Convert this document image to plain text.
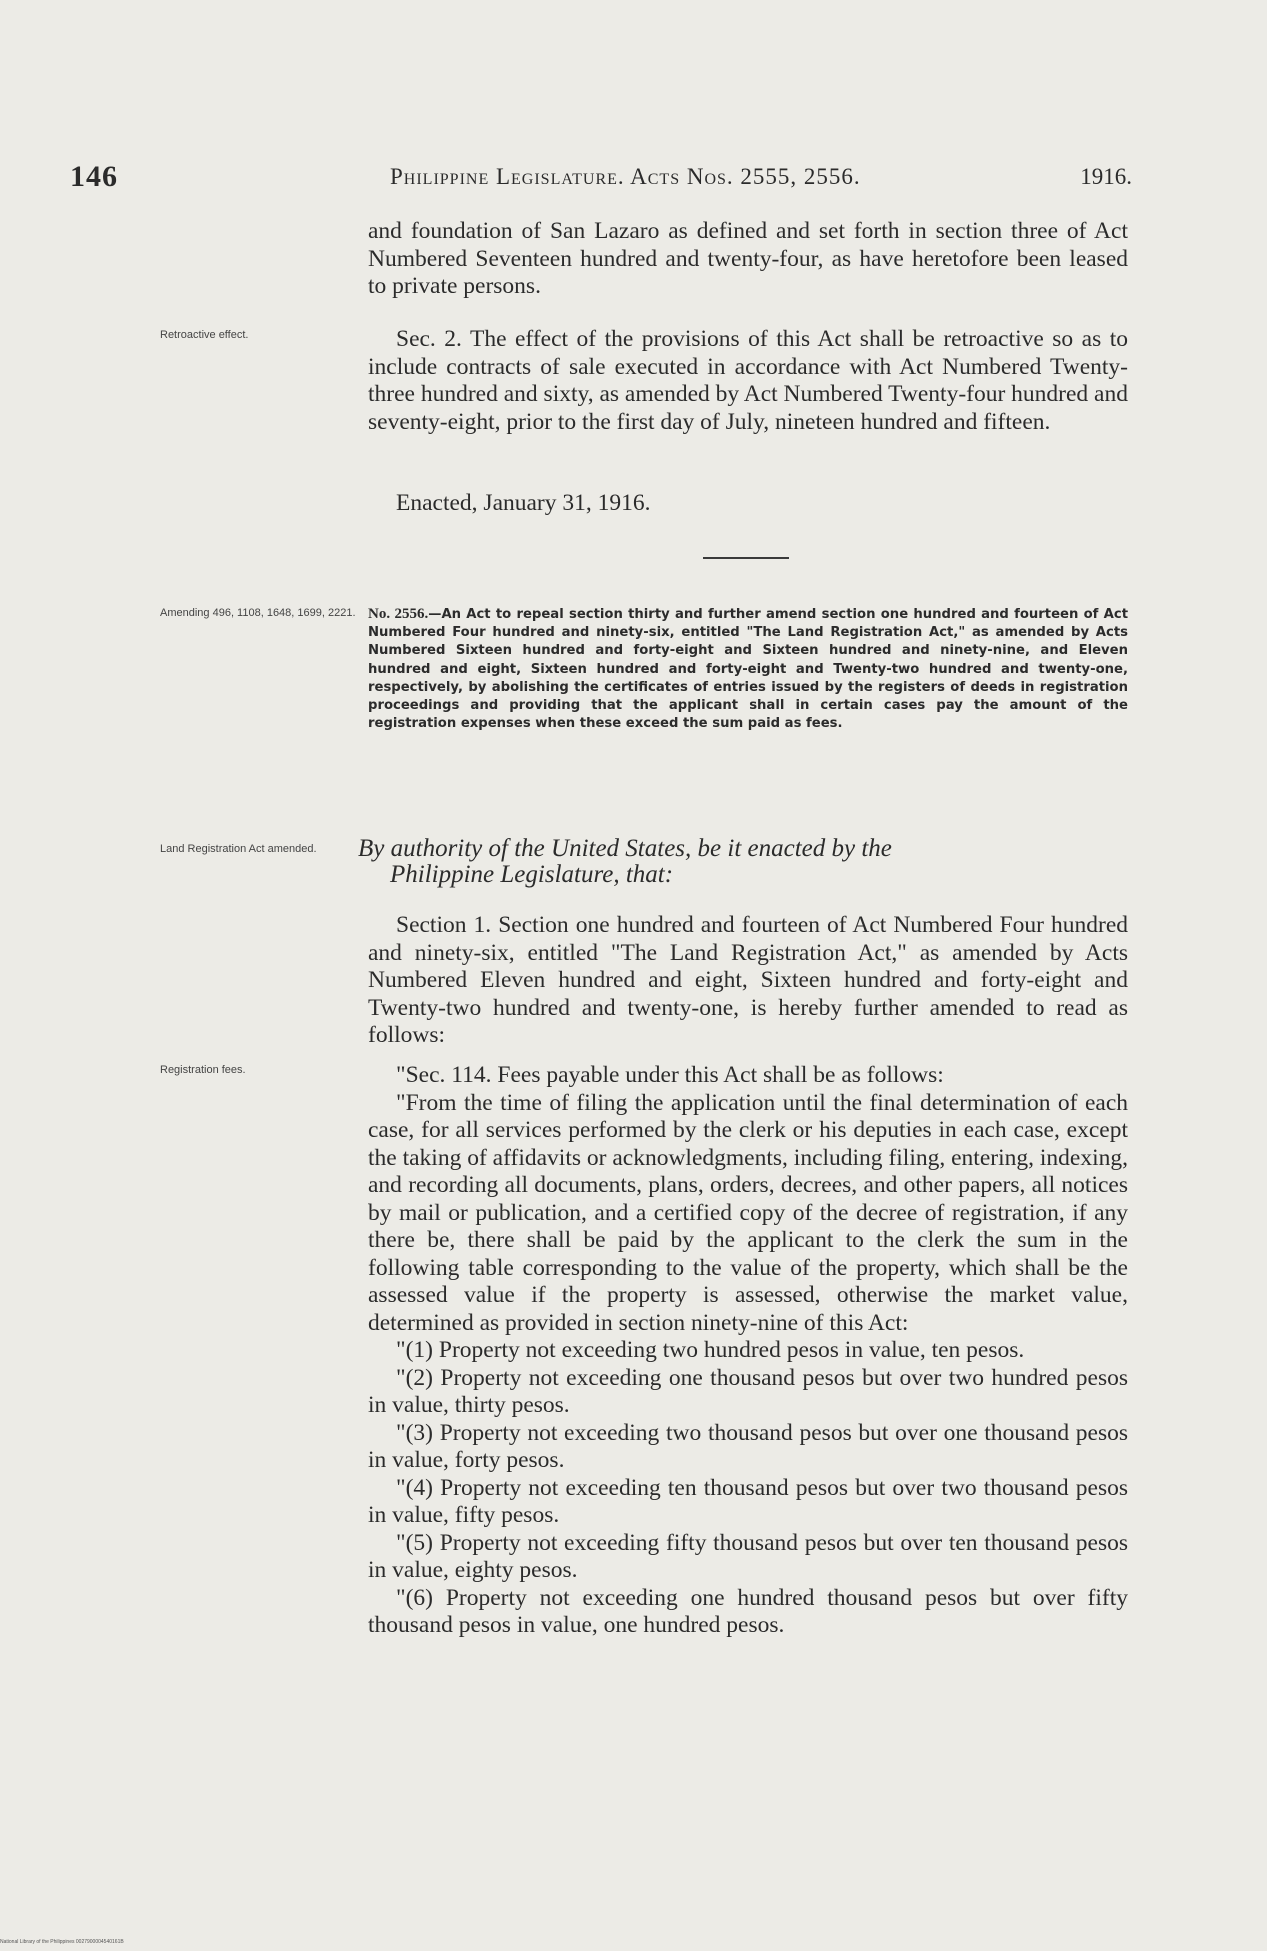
146	Philippine Legislature. Acts Nos. 2555, 2556.	1916.

and foundation of San Lazaro as defined and set forth in section three of Act Numbered Seventeen hundred and twenty-four, as have heretofore been leased to private persons.

Retroactive effect.	Sec. 2. The effect of the provisions of this Act shall be retroactive so as to include contracts of sale executed in accordance with Act Numbered Twenty-three hundred and sixty, as amended by Act Numbered Twenty-four hundred and seventy-eight, prior to the first day of July, nineteen hundred and fifteen.

Enacted, January 31, 1916.

Amending 496, 1108, 1648, 1699, 2221. No. 2556.—An Act to repeal section thirty and further amend section one hundred and fourteen of Act Numbered Four hundred and ninety-six, entitled "The Land Registration Act," as amended by Acts Numbered Sixteen hundred and forty-eight and Sixteen hundred and ninety-nine, and Eleven hundred and eight, Sixteen hundred and forty-eight and Twenty-two hundred and twenty-one, respectively, by abolishing the certificates of entries issued by the registers of deeds in registration proceedings and providing that the applicant shall in certain cases pay the amount of the registration expenses when these exceed the sum paid as fees.
Land Registration Act amended.	By authority of the United States, be it enacted by the
Philippine Legislature, that:

Section 1. Section one hundred and fourteen of Act Numbered Four hundred and ninety-six, entitled "The Land Registration Act," as amended by Acts Numbered Eleven hundred and eight, Sixteen hundred and forty-eight and Twenty-two hundred and twenty-one, is hereby further amended to read as follows:

Registration fees.	"Sec. 114. Fees payable under this Act shall be as follows:

"From the time of filing the application until the final determination of each case, for all services performed by the clerk or his deputies in each case, except the taking of affidavits or acknowledgments, including filing, entering, indexing, and recording all documents, plans, orders, decrees, and other papers, all notices by mail or publication, and a certified copy of the decree of registration, if any there be, there shall be paid by the applicant to the clerk the sum in the following table corresponding to the value of the property, which shall be the assessed value if the property is assessed, otherwise the market value, determined as provided in section ninety-nine of this Act:

"(1) Property not exceeding two hundred pesos in value, ten pesos.

"(2) Property not exceeding one thousand pesos but over two hundred pesos in value, thirty pesos.

"(3) Property not exceeding two thousand pesos but over one thousand pesos in value, forty pesos.

"(4) Property not exceeding ten thousand pesos but over two thousand pesos in value, fifty pesos.

"(5) Property not exceeding fifty thousand pesos but over ten thousand pesos in value, eighty pesos.

"(6) Property not exceeding one hundred thousand pesos but over fifty thousand pesos in value, one hundred pesos.

National Library of the Philippines 0027900004540161B
